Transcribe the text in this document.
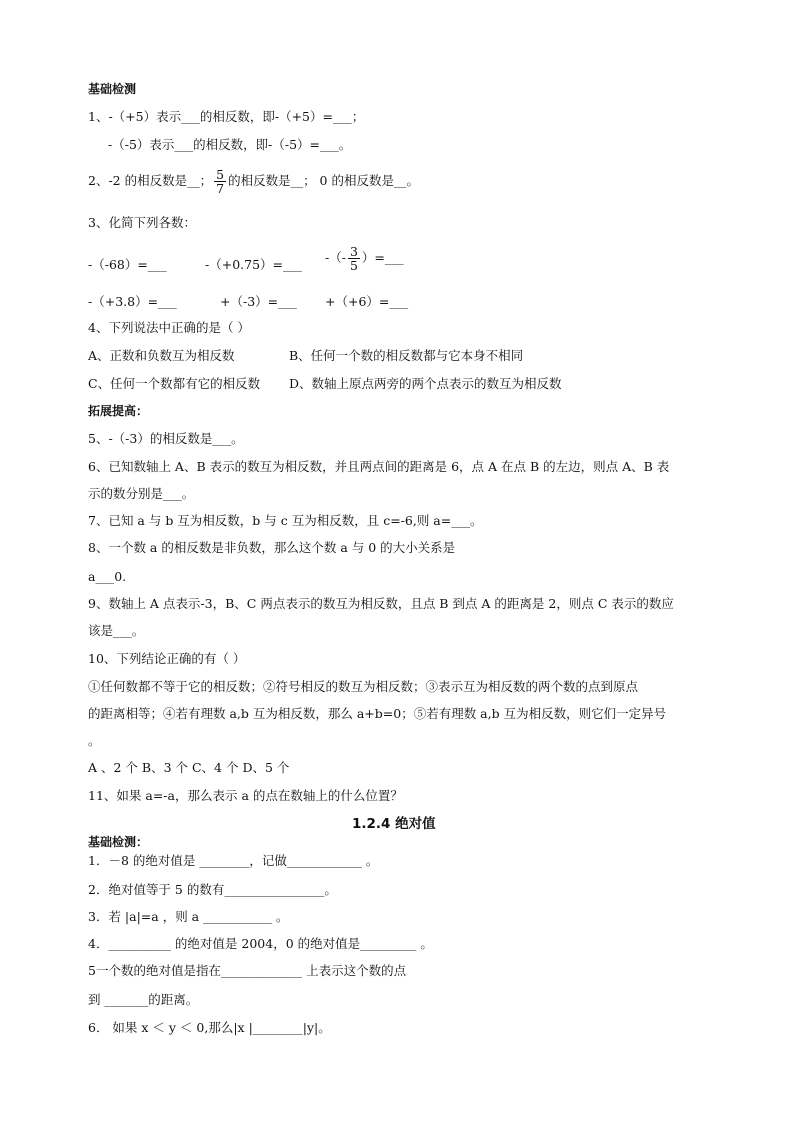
基础检测
1、-（+5）表示___的相反数，即-（+5）=___；
-（-5）表示___的相反数，即-（-5）=___。
2、-2 的相反数是__； $\frac{5}{7}$ 的相反数是__； 0 的相反数是__。
3、化简下列各数：
-（-68）=___	-（+0.75）=___ -（- $\frac{3}{5}$ ）=___
-（+3.8）=___	+（-3）=___ +（+6）=___
4、下列说法中正确的是（ ）
A、正数和负数互为相反数	B、任何一个数的相反数都与它本身不相同
C、任何一个数都有它的相反数 D、数轴上原点两旁的两个点表示的数互为相反数
拓展提高：
5、-（-3）的相反数是___。
6、已知数轴上 A、B 表示的数互为相反数，并且两点间的距离是 6，点 A 在点 B 的左边，则点 A、B 表
示的数分别是___。
7、已知 a 与 b 互为相反数，b 与 c 互为相反数，且 c=-6,则 a=___。
8、一个数 a 的相反数是非负数，那么这个数 a 与 0 的大小关系是
a___0.
9、数轴上 A 点表示-3，B、C 两点表示的数互为相反数，且点 B 到点 A 的距离是 2，则点 C 表示的数应
该是___。
10、下列结论正确的有（ ）
①任何数都不等于它的相反数；②符号相反的数互为相反数；③表示互为相反数的两个数的点到原点
的距离相等；④若有理数 a,b 互为相反数，那么 a+b=0；⑤若有理数 a,b 互为相反数，则它们一定异号
。
A 、2 个 B、3 个 C、4 个 D、5 个
11、如果 a=-a，那么表示 a 的点在数轴上的什么位置？
1.2.4 绝对值
基础检测：
1．－8 的绝对值是 ________，记做____________ 。
2．绝对值等于 5 的数有________________。
3．若 |a|=a ，则 a ___________ 。
4．__________ 的绝对值是 2004，0 的绝对值是_________ 。
5一个数的绝对值是指在_____________ 上表示这个数的点
到 _______的距离。
6． 如果 x ＜ y ＜ 0,那么|x |________|y|。
